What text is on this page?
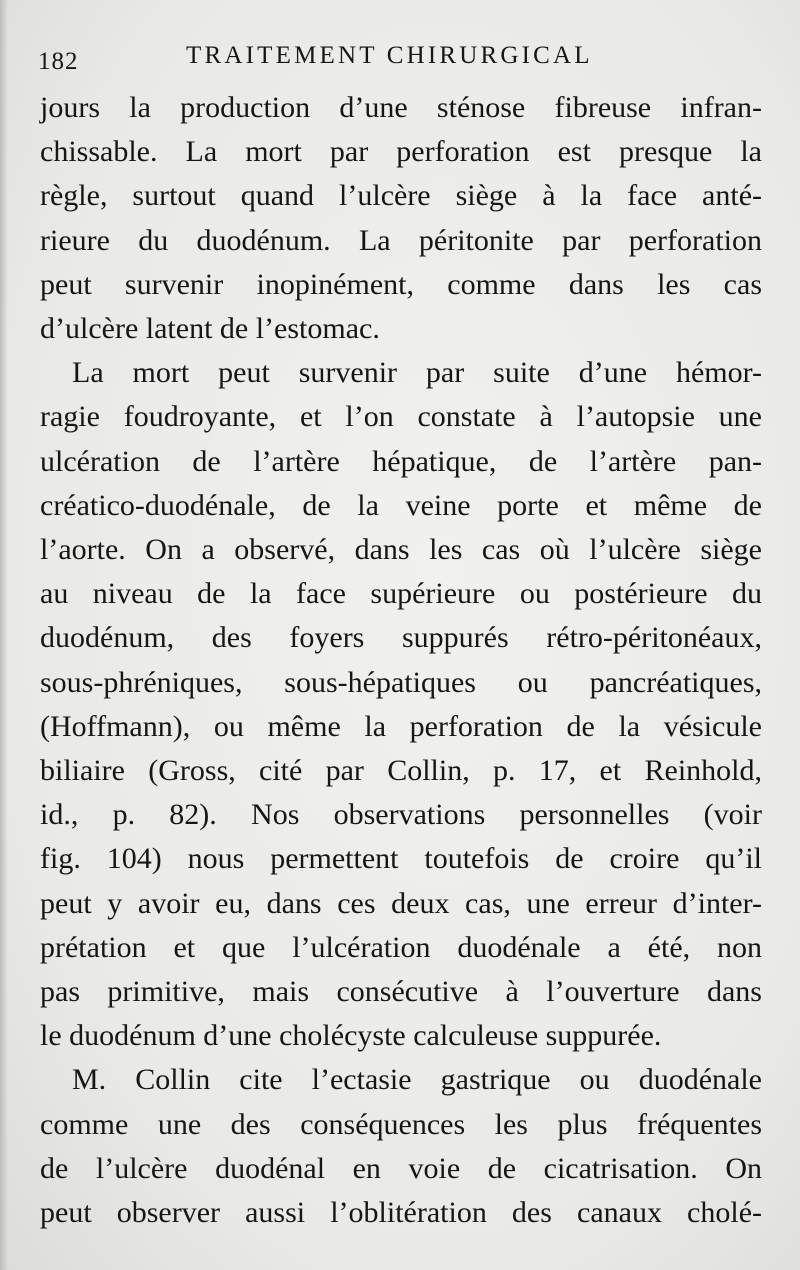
182	TRAITEMENT CHIRURGICAL
jours la production d’une sténose fibreuse infran-
chissable. La mort par perforation est presque la
règle, surtout quand l’ulcère siège à la face anté-
rieure du duodénum. La péritonite par perforation
peut survenir inopinément, comme dans les cas
d’ulcère latent de l’estomac.
La mort peut survenir par suite d’une hémor-
ragie foudroyante, et l’on constate à l’autopsie une
ulcération de l’artère hépatique, de l’artère pan-
créatico-duodénale, de la veine porte et même de
l’aorte. On a observé, dans les cas où l’ulcère siège
au niveau de la face supérieure ou postérieure du
duodénum, des foyers suppurés rétro-péritonéaux,
sous-phréniques, sous-hépatiques ou pancréatiques,
(Hoffmann), ou même la perforation de la vésicule
biliaire (Gross, cité par Collin, p. 17, et Reinhold,
id., p. 82). Nos observations personnelles (voir
fig. 104) nous permettent toutefois de croire qu’il
peut y avoir eu, dans ces deux cas, une erreur d’inter-
prétation et que l’ulcération duodénale a été, non
pas primitive, mais consécutive à l’ouverture dans
le duodénum d’une cholécyste calculeuse suppurée.
M. Collin cite l’ectasie gastrique ou duodénale
comme une des conséquences les plus fréquentes
de l’ulcère duodénal en voie de cicatrisation. On
peut observer aussi l’oblitération des canaux cholé-
